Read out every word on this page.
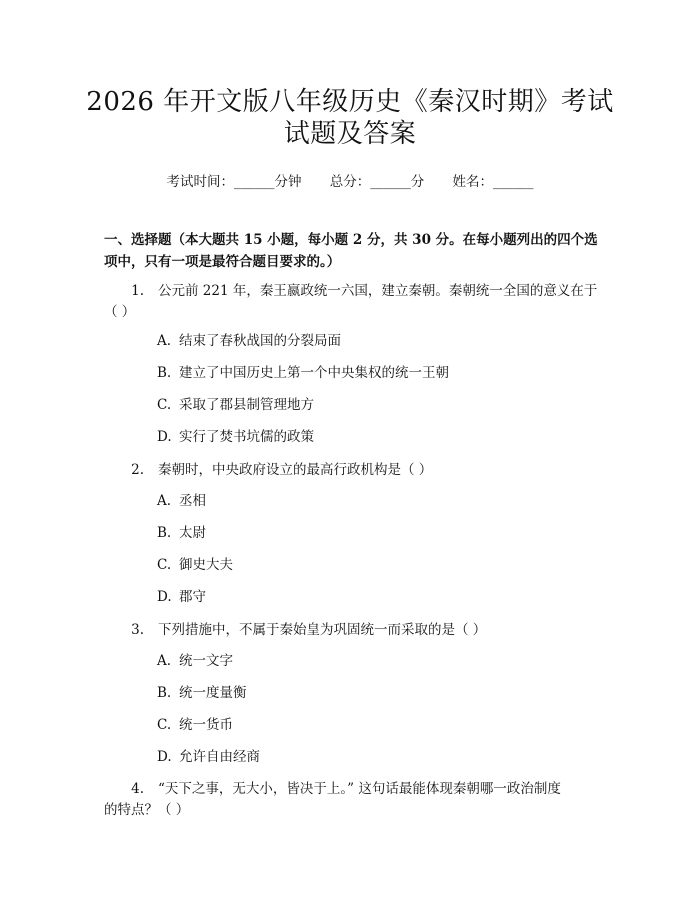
2026 年开文版八年级历史《秦汉时期》考试
试题及答案
考试时间：______分钟 总分：______分 姓名：______
一、选择题（本大题共 15 小题，每小题 2 分，共 30 分。在每小题列出的四个选项中，只有一项是最符合题目要求的。）
1. 公元前 221 年，秦王嬴政统一六国，建立秦朝。秦朝统一全国的意义在于
（ ）
A. 结束了春秋战国的分裂局面
B. 建立了中国历史上第一个中央集权的统一王朝
C. 采取了郡县制管理地方
D. 实行了焚书坑儒的政策
2. 秦朝时，中央政府设立的最高行政机构是（ ）
A. 丞相
B. 太尉
C. 御史大夫
D. 郡守
3. 下列措施中，不属于秦始皇为巩固统一而采取的是（ ）
A. 统一文字
B. 统一度量衡
C. 统一货币
D. 允许自由经商
4. “天下之事，无大小，皆决于上。” 这句话最能体现秦朝哪一政治制度
的特点？（ ）
